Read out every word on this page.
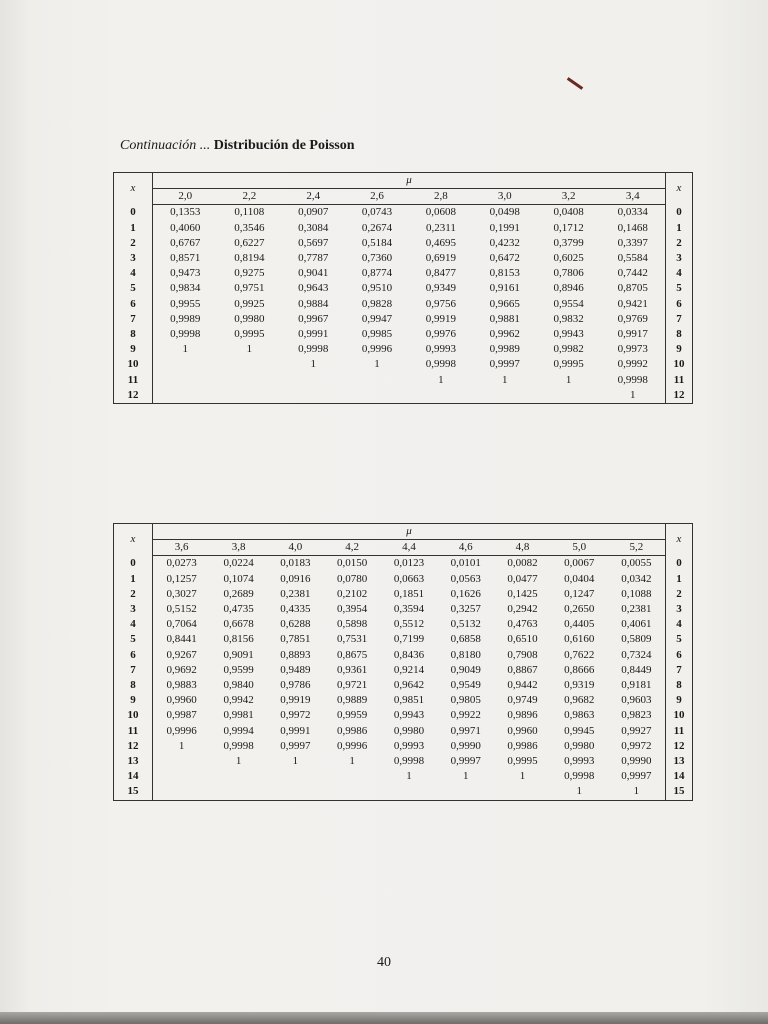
Continuación ... Distribución de Poisson
x	μ								x
	2,0	2,2	2,4	2,6	2,8	3,0	3,2	3,4	
0	0,1353	0,1108	0,0907	0,0743	0,0608	0,0498	0,0408	0,0334	0
1	0,4060	0,3546	0,3084	0,2674	0,2311	0,1991	0,1712	0,1468	1
2	0,6767	0,6227	0,5697	0,5184	0,4695	0,4232	0,3799	0,3397	2
3	0,8571	0,8194	0,7787	0,7360	0,6919	0,6472	0,6025	0,5584	3
4	0,9473	0,9275	0,9041	0,8774	0,8477	0,8153	0,7806	0,7442	4
5	0,9834	0,9751	0,9643	0,9510	0,9349	0,9161	0,8946	0,8705	5
6	0,9955	0,9925	0,9884	0,9828	0,9756	0,9665	0,9554	0,9421	6
7	0,9989	0,9980	0,9967	0,9947	0,9919	0,9881	0,9832	0,9769	7
8	0,9998	0,9995	0,9991	0,9985	0,9976	0,9962	0,9943	0,9917	8
9	1	1	0,9998	0,9996	0,9993	0,9989	0,9982	0,9973	9
10			1	1	0,9998	0,9997	0,9995	0,9992	10
11					1	1	1	0,9998	11
12								1	12
x	μ									x
	3,6	3,8	4,0	4,2	4,4	4,6	4,8	5,0	5,2	
0	0,0273	0,0224	0,0183	0,0150	0,0123	0,0101	0,0082	0,0067	0,0055	0
1	0,1257	0,1074	0,0916	0,0780	0,0663	0,0563	0,0477	0,0404	0,0342	1
2	0,3027	0,2689	0,2381	0,2102	0,1851	0,1626	0,1425	0,1247	0,1088	2
3	0,5152	0,4735	0,4335	0,3954	0,3594	0,3257	0,2942	0,2650	0,2381	3
4	0,7064	0,6678	0,6288	0,5898	0,5512	0,5132	0,4763	0,4405	0,4061	4
5	0,8441	0,8156	0,7851	0,7531	0,7199	0,6858	0,6510	0,6160	0,5809	5
6	0,9267	0,9091	0,8893	0,8675	0,8436	0,8180	0,7908	0,7622	0,7324	6
7	0,9692	0,9599	0,9489	0,9361	0,9214	0,9049	0,8867	0,8666	0,8449	7
8	0,9883	0,9840	0,9786	0,9721	0,9642	0,9549	0,9442	0,9319	0,9181	8
9	0,9960	0,9942	0,9919	0,9889	0,9851	0,9805	0,9749	0,9682	0,9603	9
10	0,9987	0,9981	0,9972	0,9959	0,9943	0,9922	0,9896	0,9863	0,9823	10
11	0,9996	0,9994	0,9991	0,9986	0,9980	0,9971	0,9960	0,9945	0,9927	11
12	1	0,9998	0,9997	0,9996	0,9993	0,9990	0,9986	0,9980	0,9972	12
13		1	1	1	0,9998	0,9997	0,9995	0,9993	0,9990	13
14					1	1	1	0,9998	0,9997	14
15								1	1	15
40
